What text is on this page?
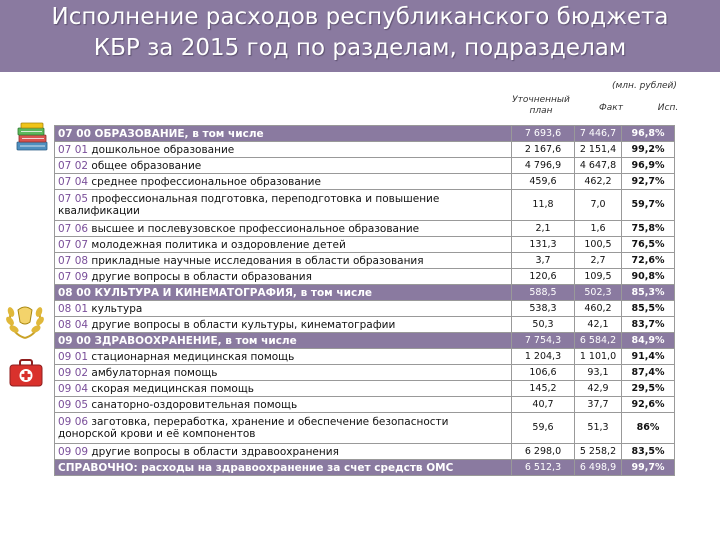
Исполнение расходов республиканского бюджета
КБР за 2015 год по разделам, подразделам
(млн. рублей)
Уточненный
план	Факт	Исп.
07 00 ОБРАЗОВАНИЕ, в том числе	7 693,6	7 446,7	96,8%
07 01 дошкольное образование	2 167,6	2 151,4	99,2%
07 02 общее образование	4 796,9	4 647,8	96,9%
07 04 среднее профессиональное образование	459,6	462,2	92,7%
07 05 профессиональная подготовка, переподготовка и повышение квалификации	11,8	7,0	59,7%
07 06 высшее и послевузовское профессиональное образование	2,1	1,6	75,8%
07 07 молодежная политика и оздоровление детей	131,3	100,5	76,5%
07 08 прикладные научные исследования в области образования	3,7	2,7	72,6%
07 09 другие вопросы в области образования	120,6	109,5	90,8%
08 00 КУЛЬТУРА И КИНЕМАТОГРАФИЯ, в том числе	588,5	502,3	85,3%
08 01 культура	538,3	460,2	85,5%
08 04 другие вопросы в области культуры, кинематографии	50,3	42,1	83,7%
09 00 ЗДРАВООХРАНЕНИЕ, в том числе	7 754,3	6 584,2	84,9%
09 01 стационарная медицинская помощь	1 204,3	1 101,0	91,4%
09 02 амбулаторная помощь	106,6	93,1	87,4%
09 04 скорая медицинская помощь	145,2	42,9	29,5%
09 05 санаторно-оздоровительная помощь	40,7	37,7	92,6%
09 06 заготовка, переработка, хранение и обеспечение безопасности донорской крови и её компонентов	59,6	51,3	86%
09 09 другие вопросы в области здравоохранения	6 298,0	5 258,2	83,5%
СПРАВОЧНО: расходы на здравоохранение за счет средств ОМС	6 512,3	6 498,9	99,7%
